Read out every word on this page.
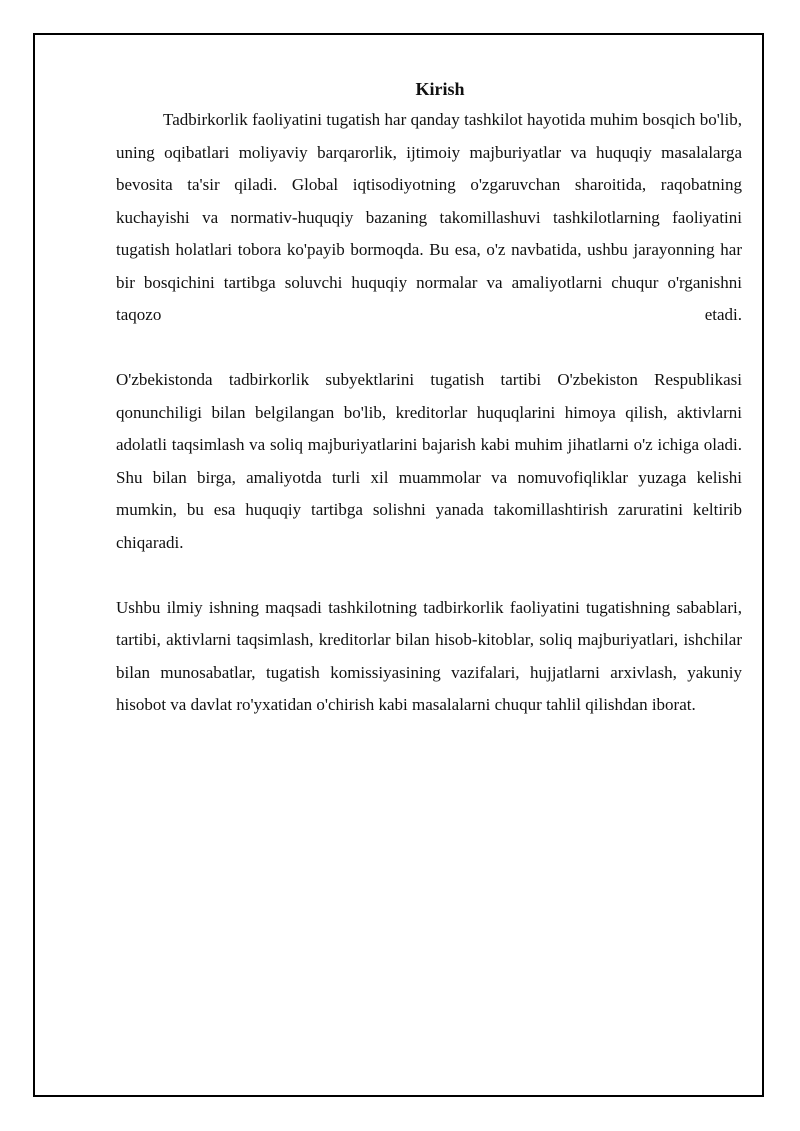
Kirish

Tadbirkorlik faoliyatini tugatish har qanday tashkilot hayotida muhim bosqich bo'lib, uning oqibatlari moliyaviy barqarorlik, ijtimoiy majburiyatlar va huquqiy masalalarga bevosita ta'sir qiladi. Global iqtisodiyotning o'zgaruvchan sharoitida, raqobatning kuchayishi va normativ-huquqiy bazaning takomillashuvi tashkilotlarning faoliyatini tugatish holatlari tobora ko'payib bormoqda. Bu esa, o'z navbatida, ushbu jarayonning har bir bosqichini tartibga soluvchi huquqiy normalar va amaliyotlarni chuqur o'rganishni taqozo etadi.

O'zbekistonda tadbirkorlik subyektlarini tugatish tartibi O'zbekiston Respublikasi qonunchiligi bilan belgilangan bo'lib, kreditorlar huquqlarini himoya qilish, aktivlarni adolatli taqsimlash va soliq majburiyatlarini bajarish kabi muhim jihatlarni o'z ichiga oladi. Shu bilan birga, amaliyotda turli xil muammolar va nomuvofiqliklar yuzaga kelishi mumkin, bu esa huquqiy tartibga solishni yanada takomillashtirish zaruratini keltirib chiqaradi.

Ushbu ilmiy ishning maqsadi tashkilotning tadbirkorlik faoliyatini tugatishning sabablari, tartibi, aktivlarni taqsimlash, kreditorlar bilan hisob-kitoblar, soliq majburiyatlari, ishchilar bilan munosabatlar, tugatish komissiyasining vazifalari, hujjatlarni arxivlash, yakuniy hisobot va davlat ro'yxatidan o'chirish kabi masalalarni chuqur tahlil qilishdan iborat.
